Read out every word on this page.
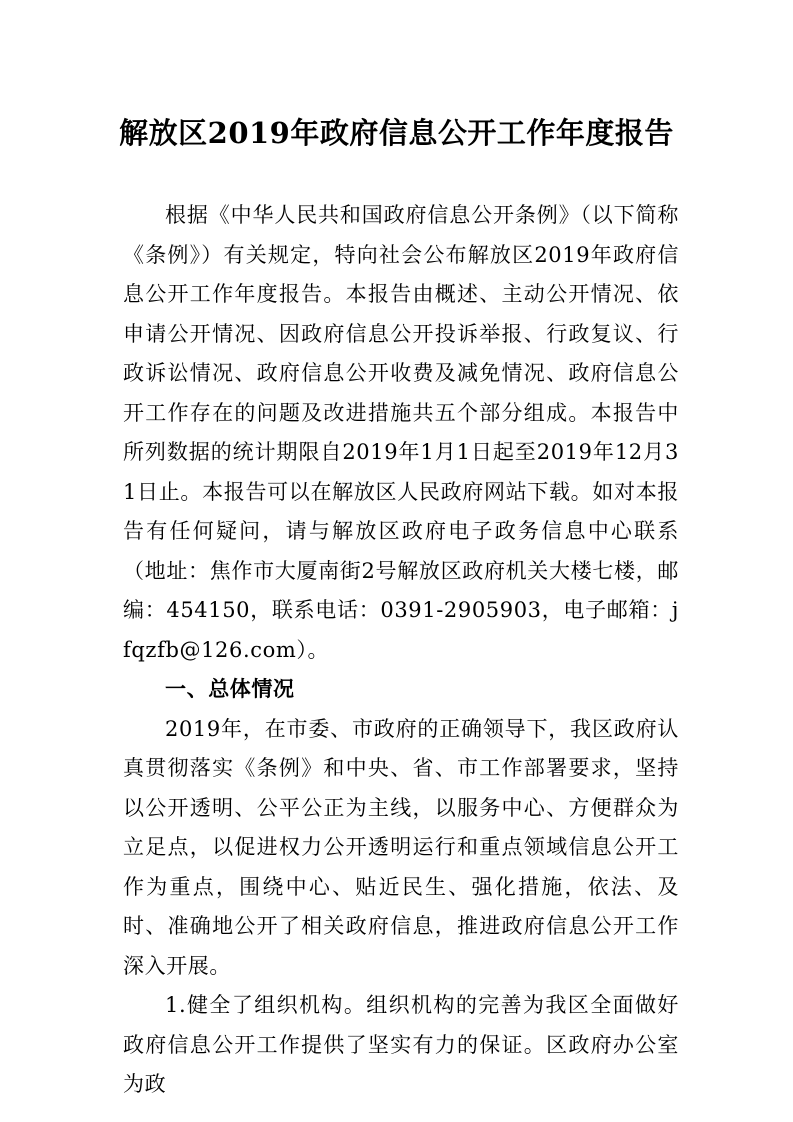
解放区2019年政府信息公开工作年度报告

根据《中华人民共和国政府信息公开条例》（以下简称《条例》）有关规定，特向社会公布解放区2019年政府信息公开工作年度报告。本报告由概述、主动公开情况、依申请公开情况、因政府信息公开投诉举报、行政复议、行政诉讼情况、政府信息公开收费及减免情况、政府信息公开工作存在的问题及改进措施共五个部分组成。本报告中所列数据的统计期限自2019年1月1日起至2019年12月31日止。本报告可以在解放区人民政府网站下载。如对本报告有任何疑问，请与解放区政府电子政务信息中心联系（地址：焦作市大厦南街2号解放区政府机关大楼七楼，邮编：454150，联系电话：0391-2905903，电子邮箱：jfqzfb@126.com）。

一、总体情况

2019年，在市委、市政府的正确领导下，我区政府认真贯彻落实《条例》和中央、省、市工作部署要求，坚持以公开透明、公平公正为主线，以服务中心、方便群众为立足点，以促进权力公开透明运行和重点领域信息公开工作为重点，围绕中心、贴近民生、强化措施，依法、及时、准确地公开了相关政府信息，推进政府信息公开工作深入开展。

1.健全了组织机构。组织机构的完善为我区全面做好政府信息公开工作提供了坚实有力的保证。区政府办公室为政
